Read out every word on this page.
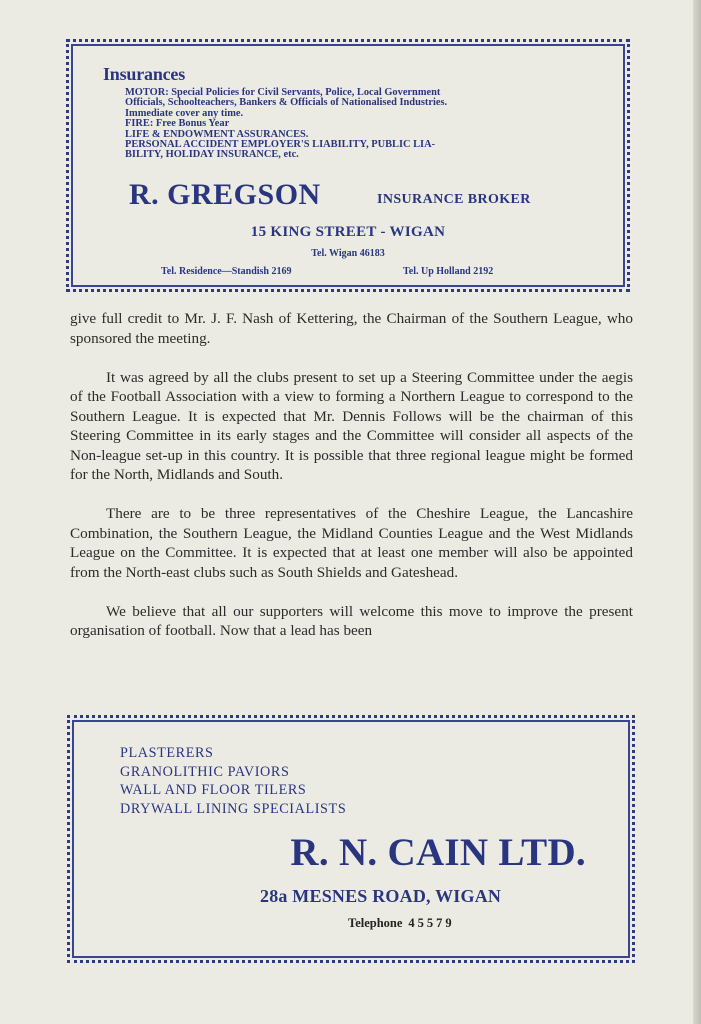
Insurances
MOTOR: Special Policies for Civil Servants, Police, Local Government
Officials, Schoolteachers, Bankers & Officials of Nationalised Industries.
Immediate cover any time.
FIRE: Free Bonus Year
LIFE & ENDOWMENT ASSURANCES.
PERSONAL ACCIDENT EMPLOYER'S LIABILITY, PUBLIC LIA-
BILITY, HOLIDAY INSURANCE, etc.
R. GREGSON	INSURANCE BROKER
15 KING STREET - WIGAN
Tel. Wigan 46183
Tel. Residence—Standish 2169	Tel. Up Holland 2192

give full credit to Mr. J. F. Nash of Kettering, the Chairman of the Southern League, who sponsored the meeting.

It was agreed by all the clubs present to set up a Steering Committee under the aegis of the Football Association with a view to forming a Northern League to correspond to the Southern League. It is expected that Mr. Dennis Follows will be the chairman of this Steering Committee in its early stages and the Committee will consider all aspects of the Non-league set-up in this country. It is possible that three regional league might be formed for the North, Midlands and South.

There are to be three representatives of the Cheshire League, the Lancashire Combination, the Southern League, the Midland Counties League and the West Midlands League on the Committee. It is expected that at least one member will also be appointed from the North-east clubs such as South Shields and Gateshead.

We believe that all our supporters will welcome this move to improve the present organisation of football. Now that a lead has been

PLASTERERS
GRANOLITHIC PAVIORS
WALL AND FLOOR TILERS
DRYWALL LINING SPECIALISTS
R. N. CAIN LTD.
28a MESNES ROAD, WIGAN
Telephone 45579
